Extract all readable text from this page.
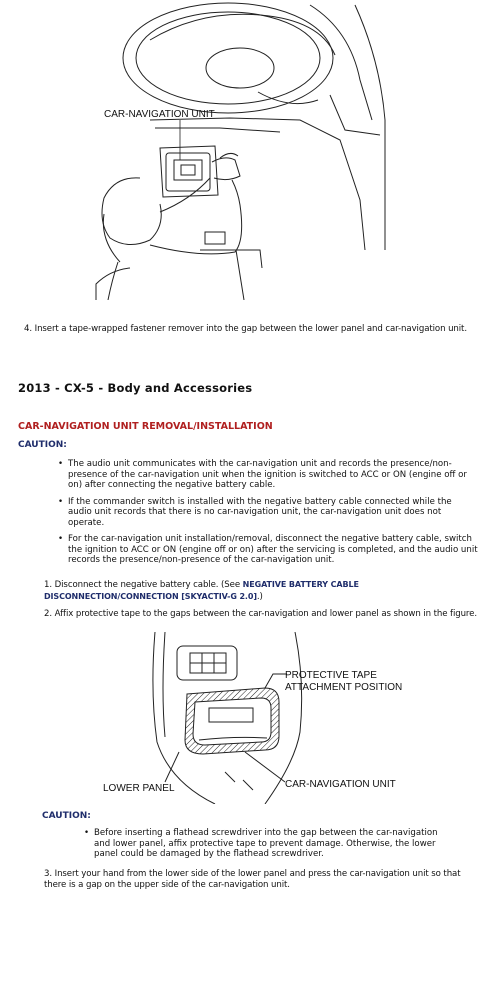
CAR-NAVIGATION UNIT
4. Insert a tape-wrapped fastener remover into the gap between the lower panel and car-navigation unit.
2013 - CX-5 - Body and Accessories
CAR-NAVIGATION UNIT REMOVAL/INSTALLATION
CAUTION:
• The audio unit communicates with the car-navigation unit and records the presence/non-presence of the car-navigation unit when the ignition is switched to ACC or ON (engine off or on) after connecting the negative battery cable.
• If the commander switch is installed with the negative battery cable connected while the audio unit records that there is no car-navigation unit, the car-navigation unit does not operate.
• For the car-navigation unit installation/removal, disconnect the negative battery cable, switch the ignition to ACC or ON (engine off or on) after the servicing is completed, and the audio unit records the presence/non-presence of the car-navigation unit.
1. Disconnect the negative battery cable. (See NEGATIVE BATTERY CABLE DISCONNECTION/CONNECTION [SKYACTIV-G 2.0].)
2. Affix protective tape to the gaps between the car-navigation and lower panel as shown in the figure.
PROTECTIVE TAPE
ATTACHMENT POSITION
LOWER PANEL	CAR-NAVIGATION UNIT
CAUTION:
• Before inserting a flathead screwdriver into the gap between the car-navigation and lower panel, affix protective tape to prevent damage. Otherwise, the lower panel could be damaged by the flathead screwdriver.
3. Insert your hand from the lower side of the lower panel and press the car-navigation unit so that there is a gap on the upper side of the car-navigation unit.
